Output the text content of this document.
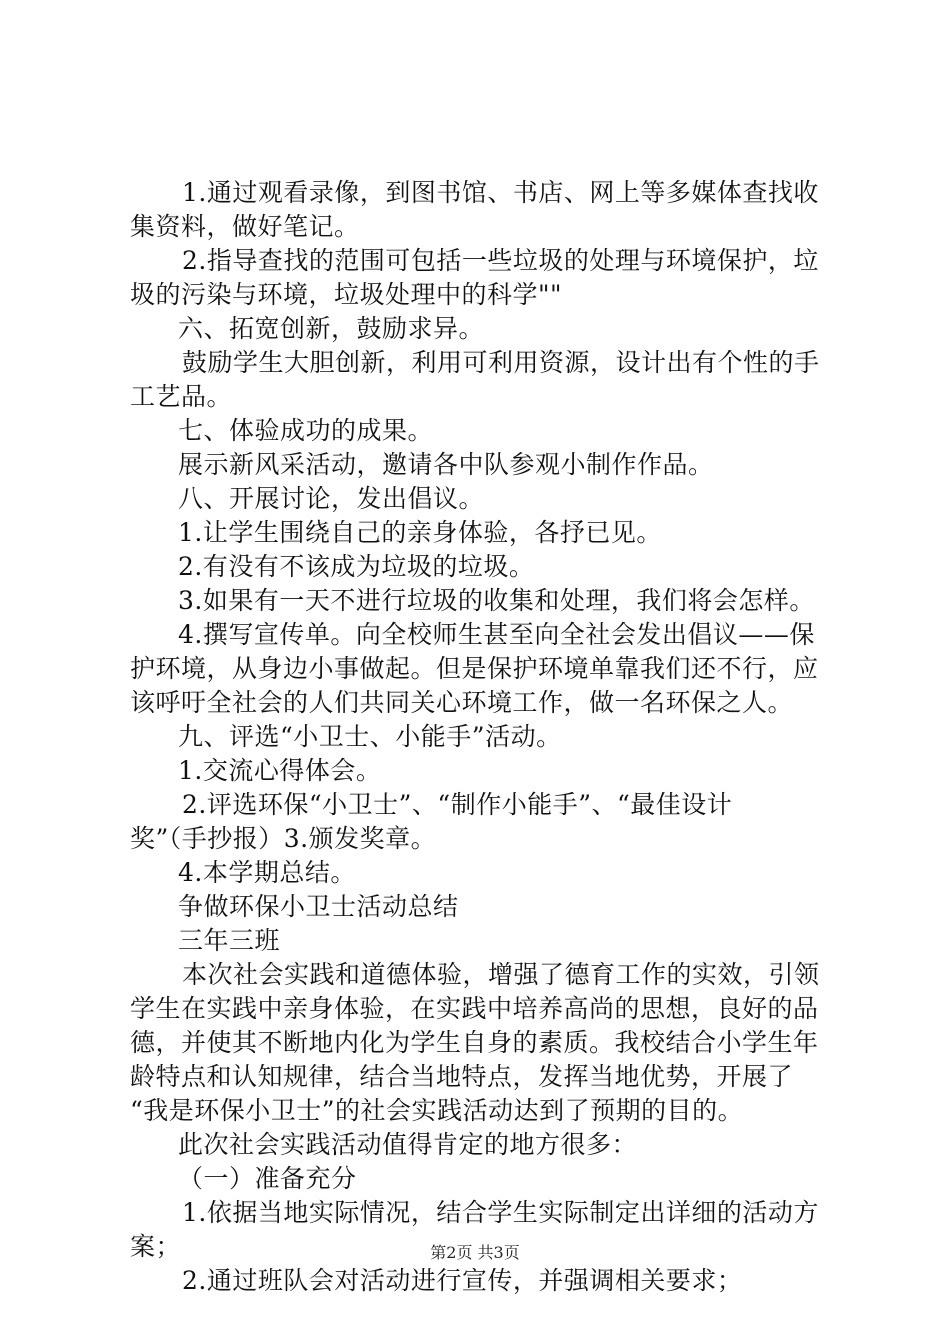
1.通过观看录像，到图书馆、书店、网上等多媒体查找收
集资料，做好笔记。
2.指导查找的范围可包括一些垃圾的处理与环境保护，垃
圾的污染与环境，垃圾处理中的科学""
六、拓宽创新，鼓励求异。
鼓励学生大胆创新，利用可利用资源，设计出有个性的手
工艺品。
七、体验成功的成果。
展示新风采活动，邀请各中队参观小制作作品。
八、开展讨论，发出倡议。
1.让学生围绕自己的亲身体验，各抒已见。
2.有没有不该成为垃圾的垃圾。
3.如果有一天不进行垃圾的收集和处理，我们将会怎样。
4.撰写宣传单。向全校师生甚至向全社会发出倡议——保
护环境，从身边小事做起。但是保护环境单靠我们还不行，应
该呼吁全社会的人们共同关心环境工作，做一名环保之人。
九、评选“小卫士、小能手”活动。
1.交流心得体会。
2.评选环保“小卫士”、“制作小能手”、“最佳设计
奖”（手抄报）3.颁发奖章。
4.本学期总结。
争做环保小卫士活动总结
三年三班
本次社会实践和道德体验，增强了德育工作的实效，引领
学生在实践中亲身体验，在实践中培养高尚的思想，良好的品
德，并使其不断地内化为学生自身的素质。我校结合小学生年
龄特点和认知规律，结合当地特点，发挥当地优势，开展了
“我是环保小卫士”的社会实践活动达到了预期的目的。
此次社会实践活动值得肯定的地方很多：
（一）准备充分
1.依据当地实际情况，结合学生实际制定出详细的活动方
案；
2.通过班队会对活动进行宣传，并强调相关要求；
第2页 共3页
